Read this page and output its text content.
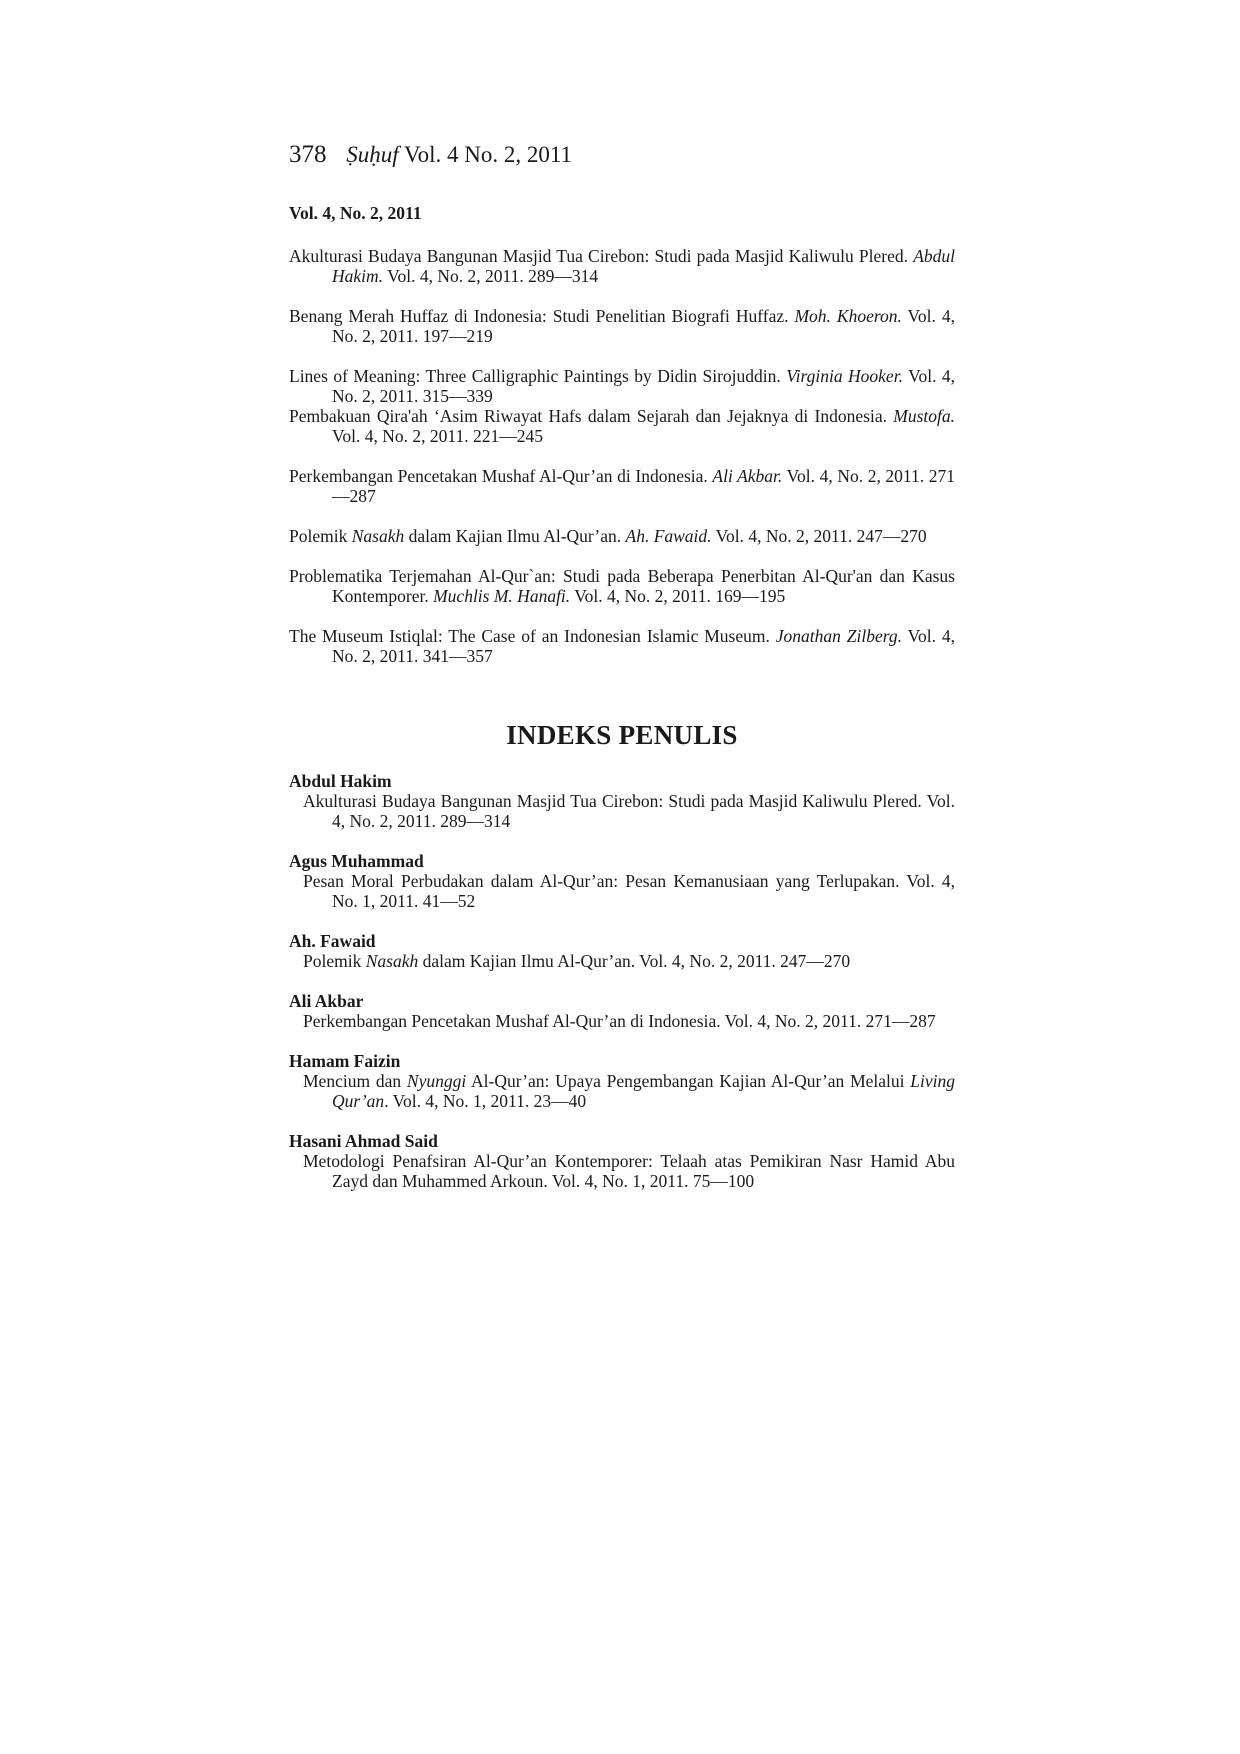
378 Ṣuḥuf Vol. 4 No. 2, 2011

Vol. 4, No. 2, 2011

Akulturasi Budaya Bangunan Masjid Tua Cirebon: Studi pada Masjid Kaliwulu Plered. Abdul Hakim. Vol. 4, No. 2, 2011. 289—314

Benang Merah Huffaz di Indonesia: Studi Penelitian Biografi Huffaz. Moh. Khoeron. Vol. 4, No. 2, 2011. 197—219

Lines of Meaning: Three Calligraphic Paintings by Didin Sirojuddin. Virginia Hooker. Vol. 4, No. 2, 2011. 315—339

Pembakuan Qira'ah ‘Asim Riwayat Hafs dalam Sejarah dan Jejaknya di Indonesia. Mustofa. Vol. 4, No. 2, 2011. 221—245

Perkembangan Pencetakan Mushaf Al-Qur’an di Indonesia. Ali Akbar. Vol. 4, No. 2, 2011. 271—287

Polemik Nasakh dalam Kajian Ilmu Al-Qur’an. Ah. Fawaid. Vol. 4, No. 2, 2011. 247—270

Problematika Terjemahan Al-Qur`an: Studi pada Beberapa Penerbitan Al-Qur'an dan Kasus Kontemporer. Muchlis M. Hanafi. Vol. 4, No. 2, 2011. 169—195

The Museum Istiqlal: The Case of an Indonesian Islamic Museum. Jonathan Zilberg. Vol. 4, No. 2, 2011. 341—357

INDEKS PENULIS

Abdul Hakim

Akulturasi Budaya Bangunan Masjid Tua Cirebon: Studi pada Masjid Kaliwulu Plered. Vol. 4, No. 2, 2011. 289—314

Agus Muhammad

Pesan Moral Perbudakan dalam Al-Qur’an: Pesan Kemanusiaan yang Terlupakan. Vol. 4, No. 1, 2011. 41—52

Ah. Fawaid

Polemik Nasakh dalam Kajian Ilmu Al-Qur’an. Vol. 4, No. 2, 2011. 247—270

Ali Akbar

Perkembangan Pencetakan Mushaf Al-Qur’an di Indonesia. Vol. 4, No. 2, 2011. 271—287

Hamam Faizin

Mencium dan Nyunggi Al-Qur’an: Upaya Pengembangan Kajian Al-Qur’an Melalui Living Qur’an. Vol. 4, No. 1, 2011. 23—40

Hasani Ahmad Said

Metodologi Penafsiran Al-Qur’an Kontemporer: Telaah atas Pemikiran Nasr Hamid Abu Zayd dan Muhammed Arkoun. Vol. 4, No. 1, 2011. 75—100
